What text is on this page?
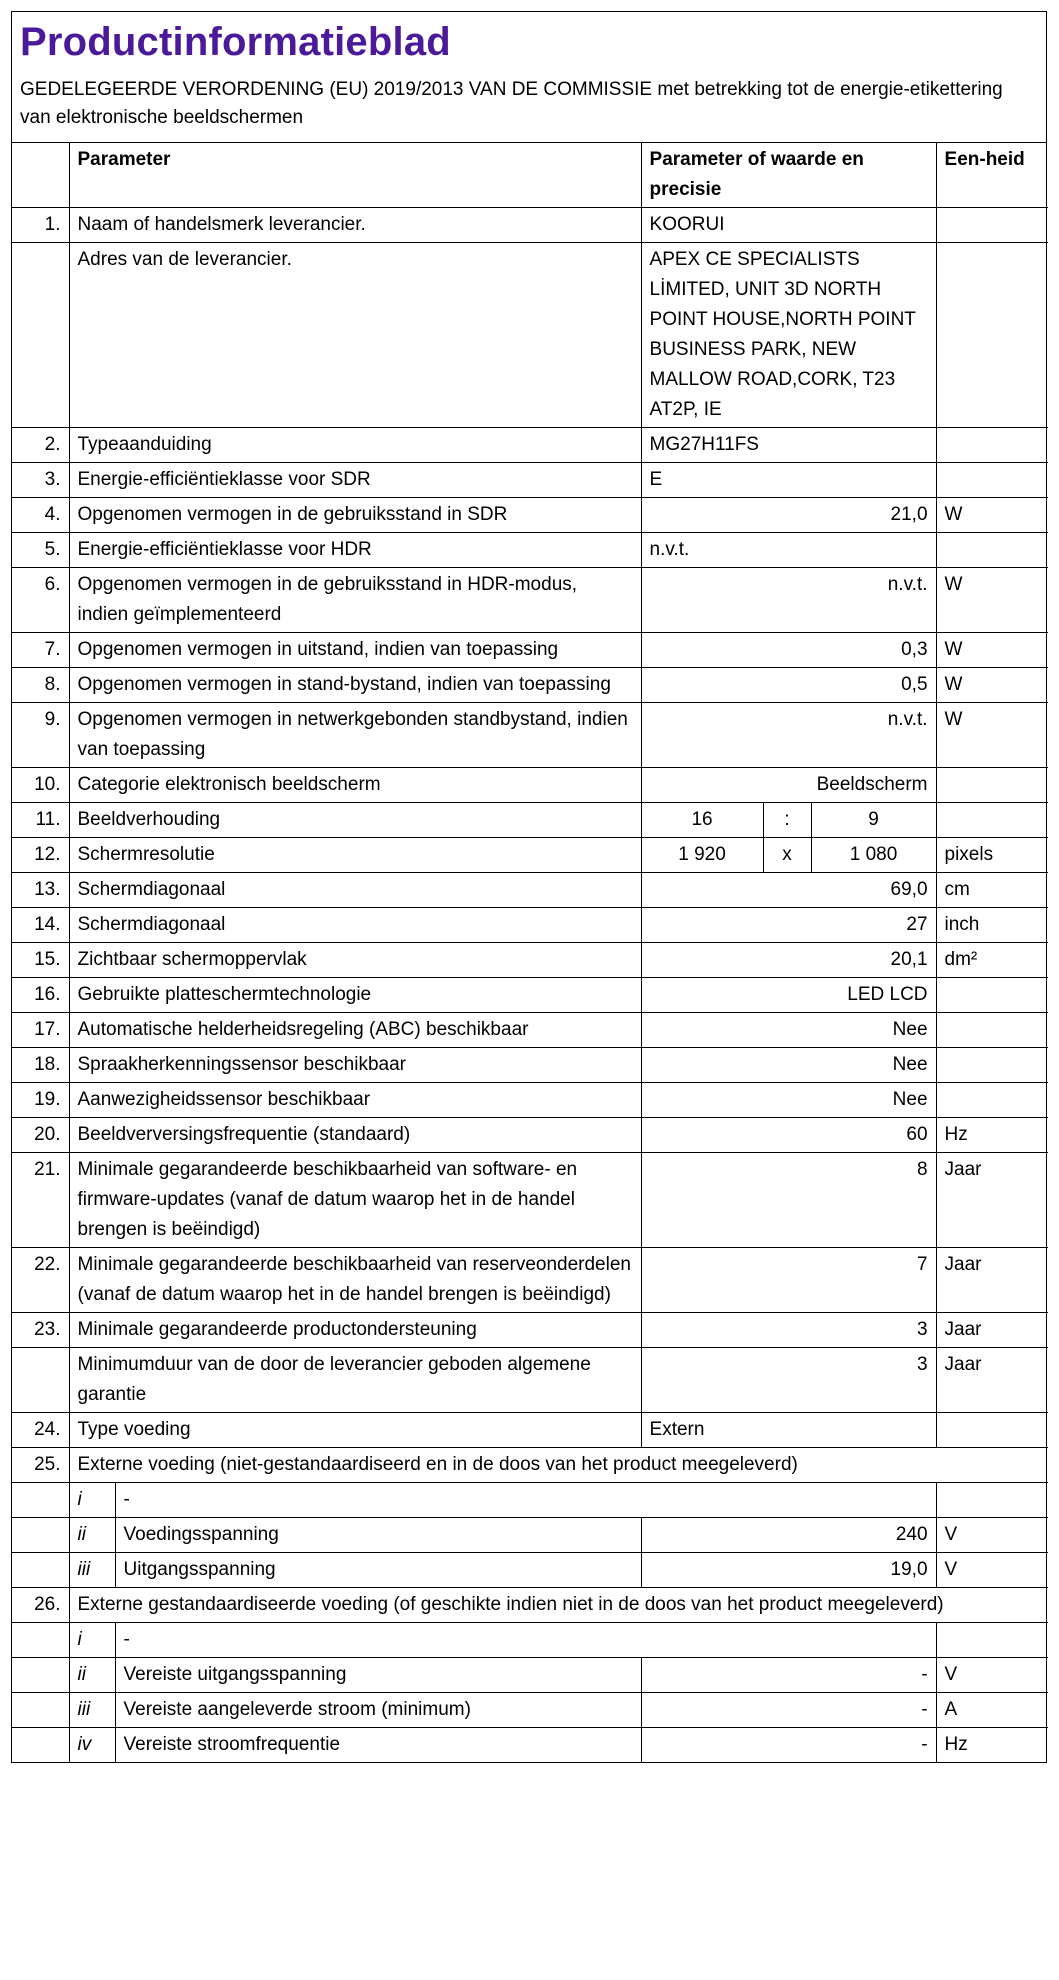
Productinformatieblad
GEDELEGEERDE VERORDENING (EU) 2019/2013 VAN DE COMMISSIE met betrekking tot de energie-etikettering van elektronische beeldschermen
	Parameter		Parameter of waarde en precisie			Een-heid
1.	Naam of handelsmerk leverancier.		KOORUI			
	Adres van de leverancier.		APEX CE SPECIALISTS LİMITED, UNIT 3D NORTH POINT HOUSE,NORTH POINT BUSINESS PARK, NEW MALLOW ROAD,CORK, T23 AT2P, IE			
2.	Typeaanduiding		MG27H11FS			
3.	Energie-efficiëntieklasse voor SDR		E			
4.	Opgenomen vermogen in de gebruiksstand in SDR		21,0			W
5.	Energie-efficiëntieklasse voor HDR		n.v.t.			
6.	Opgenomen vermogen in de gebruiksstand in HDR-modus, indien geïmplementeerd		n.v.t.			W
7.	Opgenomen vermogen in uitstand, indien van toepassing		0,3			W
8.	Opgenomen vermogen in stand-bystand, indien van toepassing		0,5			W
9.	Opgenomen vermogen in netwerkgebonden standbystand, indien van toepassing		n.v.t.			W
10.	Categorie elektronisch beeldscherm		Beeldscherm			
11.	Beeldverhouding		16	:	9	
12.	Schermresolutie		1 920	x	1 080	pixels
13.	Schermdiagonaal		69,0			cm
14.	Schermdiagonaal		27			inch
15.	Zichtbaar schermoppervlak		20,1			dm²
16.	Gebruikte platteschermtechnologie		LED LCD			
17.	Automatische helderheidsregeling (ABC) beschikbaar		Nee			
18.	Spraakherkenningssensor beschikbaar		Nee			
19.	Aanwezigheidssensor beschikbaar		Nee			
20.	Beeldverversingsfrequentie (standaard)		60			Hz
21.	Minimale gegarandeerde beschikbaarheid van software- en firmware-updates (vanaf de datum waarop het in de handel brengen is beëindigd)		8			Jaar
22.	Minimale gegarandeerde beschikbaarheid van reserveonderdelen (vanaf de datum waarop het in de handel brengen is beëindigd)		7			Jaar
23.	Minimale gegarandeerde productondersteuning		3			Jaar
	Minimumduur van de door de leverancier geboden algemene garantie		3			Jaar
24.	Type voeding		Extern			
25.	Externe voeding (niet-gestandaardiseerd en in de doos van het product meegeleverd)					
	i	-				
	ii	Voedingsspanning	240			V
	iii	Uitgangsspanning	19,0			V
26.	Externe gestandaardiseerde voeding (of geschikte indien niet in de doos van het product meegeleverd)					
	i	-				
	ii	Vereiste uitgangsspanning	-			V
	iii	Vereiste aangeleverde stroom (minimum)	-			A
	iv	Vereiste stroomfrequentie	-			Hz
